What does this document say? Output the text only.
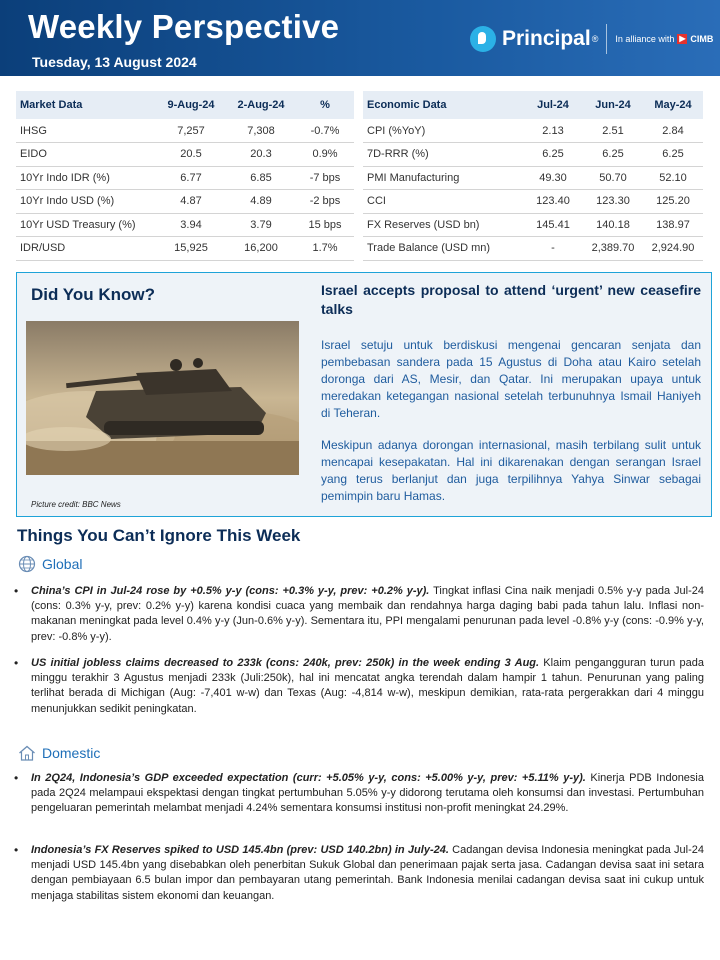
Weekly Perspective
Tuesday, 13 August 2024
Principal ® In alliance with ▶ CIMB
Market Data	9-Aug-24	2-Aug-24	%
IHSG	7,257	7,308	-0.7%
EIDO	20.5	20.3	0.9%
10Yr Indo IDR (%)	6.77	6.85	-7 bps
10Yr Indo USD (%)	4.87	4.89	-2 bps
10Yr USD Treasury (%)	3.94	3.79	15 bps
IDR/USD	15,925	16,200	1.7%
Economic Data	Jul-24	Jun-24	May-24
CPI (%YoY)	2.13	2.51	2.84
7D-RRR (%)	6.25	6.25	6.25
PMI Manufacturing	49.30	50.70	52.10
CCI	123.40	123.30	125.20
FX Reserves (USD bn)	145.41	140.18	138.97
Trade Balance (USD mn)	-	2,389.70	2,924.90
Did You Know?
Picture credit: BBC News
Israel accepts proposal to attend ‘urgent’ new ceasefire talks
Israel setuju untuk berdiskusi mengenai gencaran senjata dan pembebasan sandera pada 15 Agustus di Doha atau Kairo setelah doronga dari AS, Mesir, dan Qatar. Ini merupakan upaya untuk meredakan ketegangan nasional setelah terbunuhnya Ismail Haniyeh di Teheran.
Meskipun adanya dorongan internasional, masih terbilang sulit untuk mencapai kesepakatan. Hal ini dikarenakan dengan serangan Israel yang terus berlanjut dan juga terpilihnya Yahya Sinwar sebagai pemimpin baru Hamas.
Things You Can’t Ignore This Week
Global
•	China’s CPI in Jul-24 rose by +0.5% y-y (cons: +0.3% y-y, prev: +0.2% y-y). Tingkat inflasi Cina naik menjadi 0.5% y-y pada Jul-24 (cons: 0.3% y-y, prev: 0.2% y-y) karena kondisi cuaca yang membaik dan rendahnya harga daging babi pada tahun lalu. Inflasi non-makanan meningkat pada level 0.4% y-y (Jun-0.6% y-y). Sementara itu, PPI mengalami penurunan pada level -0.8% y-y (cons: -0.9% y-y, prev: -0.8% y-y).
•	US initial jobless claims decreased to 233k (cons: 240k, prev: 250k) in the week ending 3 Aug. Klaim pengangguran turun pada minggu terakhir 3 Agustus menjadi 233k (Juli:250k), hal ini mencatat angka terendah dalam hampir 1 tahun. Penurunan yang paling terlihat berada di Michigan (Aug: -7,401 w-w) dan Texas (Aug: -4,814 w-w), meskipun demikian, rata-rata pergerakkan dari 4 minggu menunjukkan sedikit peningkatan.
Domestic
•	In 2Q24, Indonesia’s GDP exceeded expectation (curr: +5.05% y-y, cons: +5.00% y-y, prev: +5.11% y-y). Kinerja PDB Indonesia pada 2Q24 melampaui ekspektasi dengan tingkat pertumbuhan 5.05% y-y didorong terutama oleh konsumsi dan investasi. Pertumbuhan pengeluaran pemerintah melambat menjadi 4.24% sementara konsumsi institusi non-profit meningkat 24.29%.
•	Indonesia’s FX Reserves spiked to USD 145.4bn (prev: USD 140.2bn) in July-24. Cadangan devisa Indonesia meningkat pada Jul-24 menjadi USD 145.4bn yang disebabkan oleh penerbitan Sukuk Global dan penerimaan pajak serta jasa. Cadangan devisa saat ini setara dengan pembiayaan 6.5 bulan impor dan pembayaran utang pemerintah. Bank Indonesia menilai cadangan devisa saat ini cukup untuk menjaga stabilitas sistem ekonomi dan keuangan.
